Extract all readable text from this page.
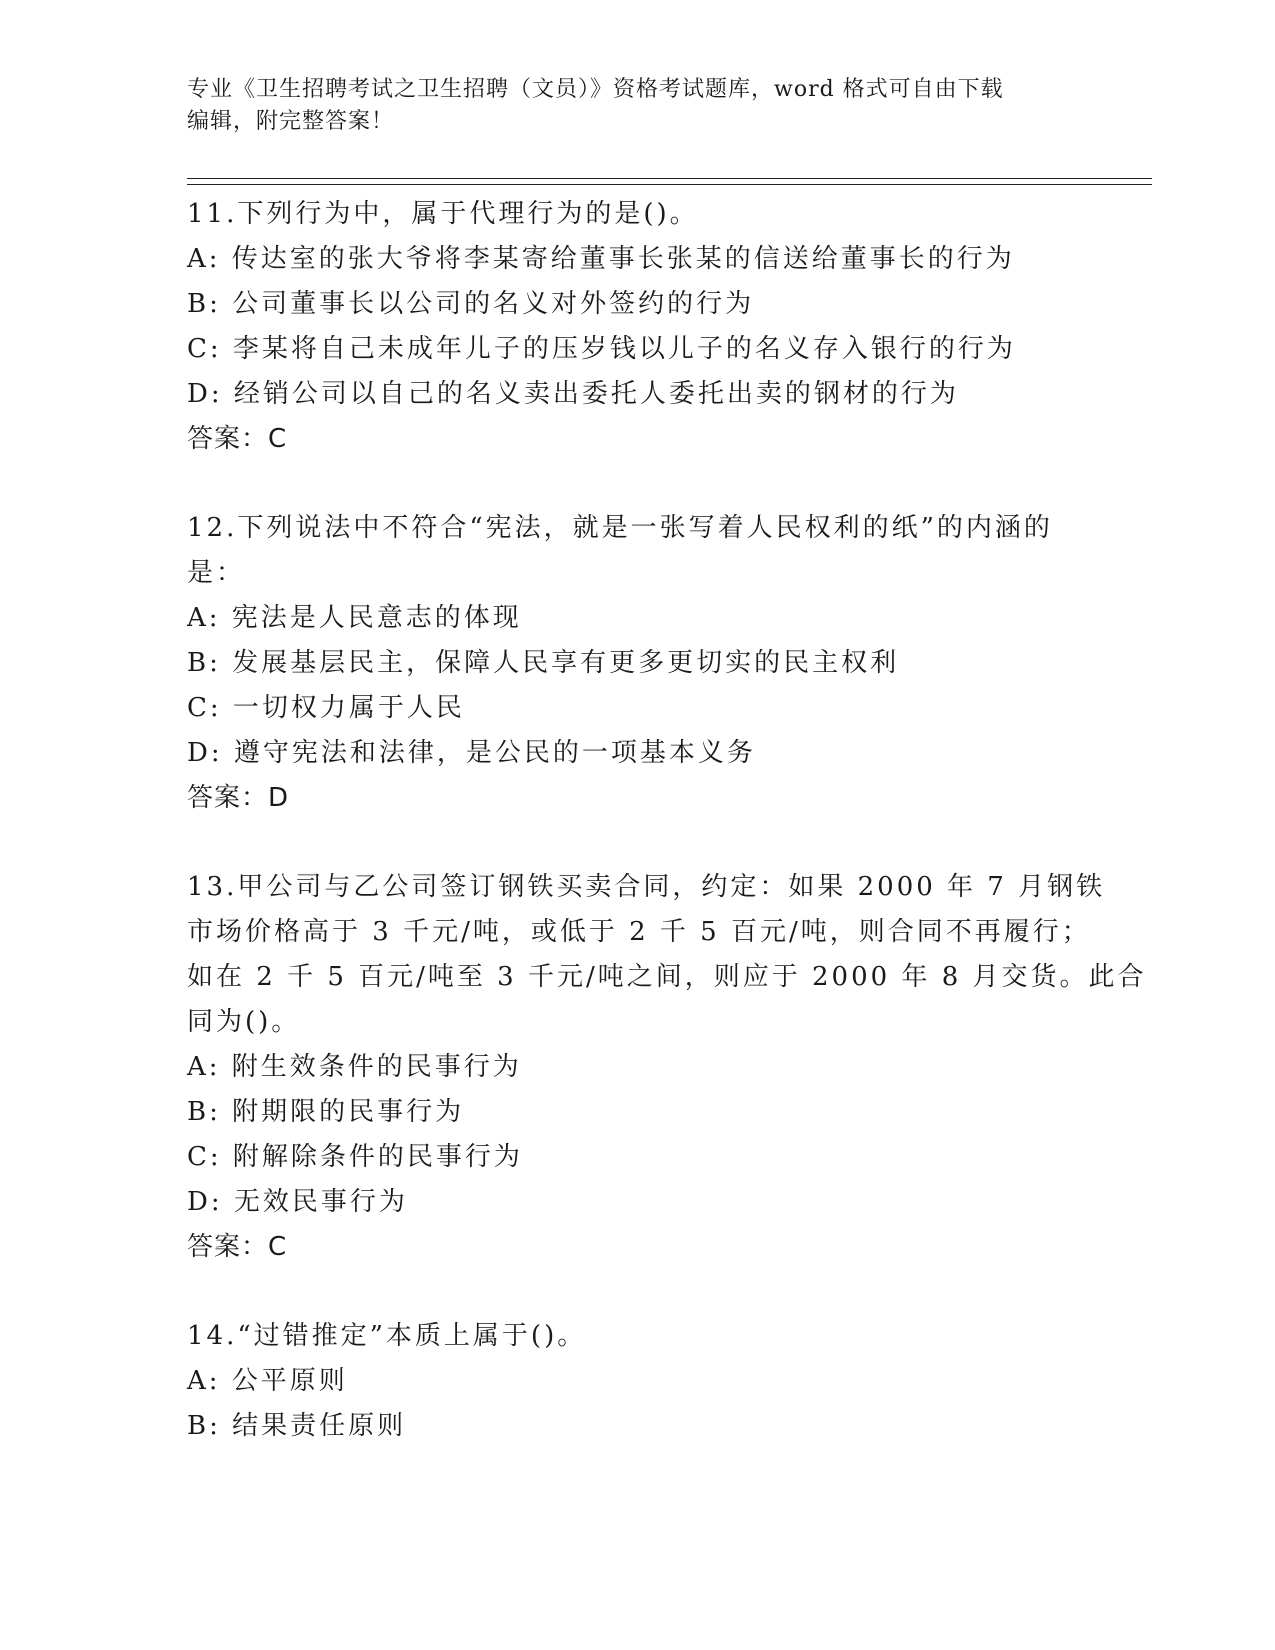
专业《卫生招聘考试之卫生招聘（文员）》资格考试题库，word 格式可自由下载
编辑，附完整答案！
11.下列行为中，属于代理行为的是()。
A: 传达室的张大爷将李某寄给董事长张某的信送给董事长的行为
B: 公司董事长以公司的名义对外签约的行为
C: 李某将自己未成年儿子的压岁钱以儿子的名义存入银行的行为
D: 经销公司以自己的名义卖出委托人委托出卖的钢材的行为
答案：C
12.下列说法中不符合“宪法，就是一张写着人民权利的纸”的内涵的
是：
A: 宪法是人民意志的体现
B: 发展基层民主，保障人民享有更多更切实的民主权利
C: 一切权力属于人民
D: 遵守宪法和法律，是公民的一项基本义务
答案：D
13.甲公司与乙公司签订钢铁买卖合同，约定：如果 2000 年 7 月钢铁
市场价格高于 3 千元/吨，或低于 2 千 5 百元/吨，则合同不再履行；
如在 2 千 5 百元/吨至 3 千元/吨之间，则应于 2000 年 8 月交货。此合
同为()。
A: 附生效条件的民事行为
B: 附期限的民事行为
C: 附解除条件的民事行为
D: 无效民事行为
答案：C
14.“过错推定”本质上属于()。
A: 公平原则
B: 结果责任原则
